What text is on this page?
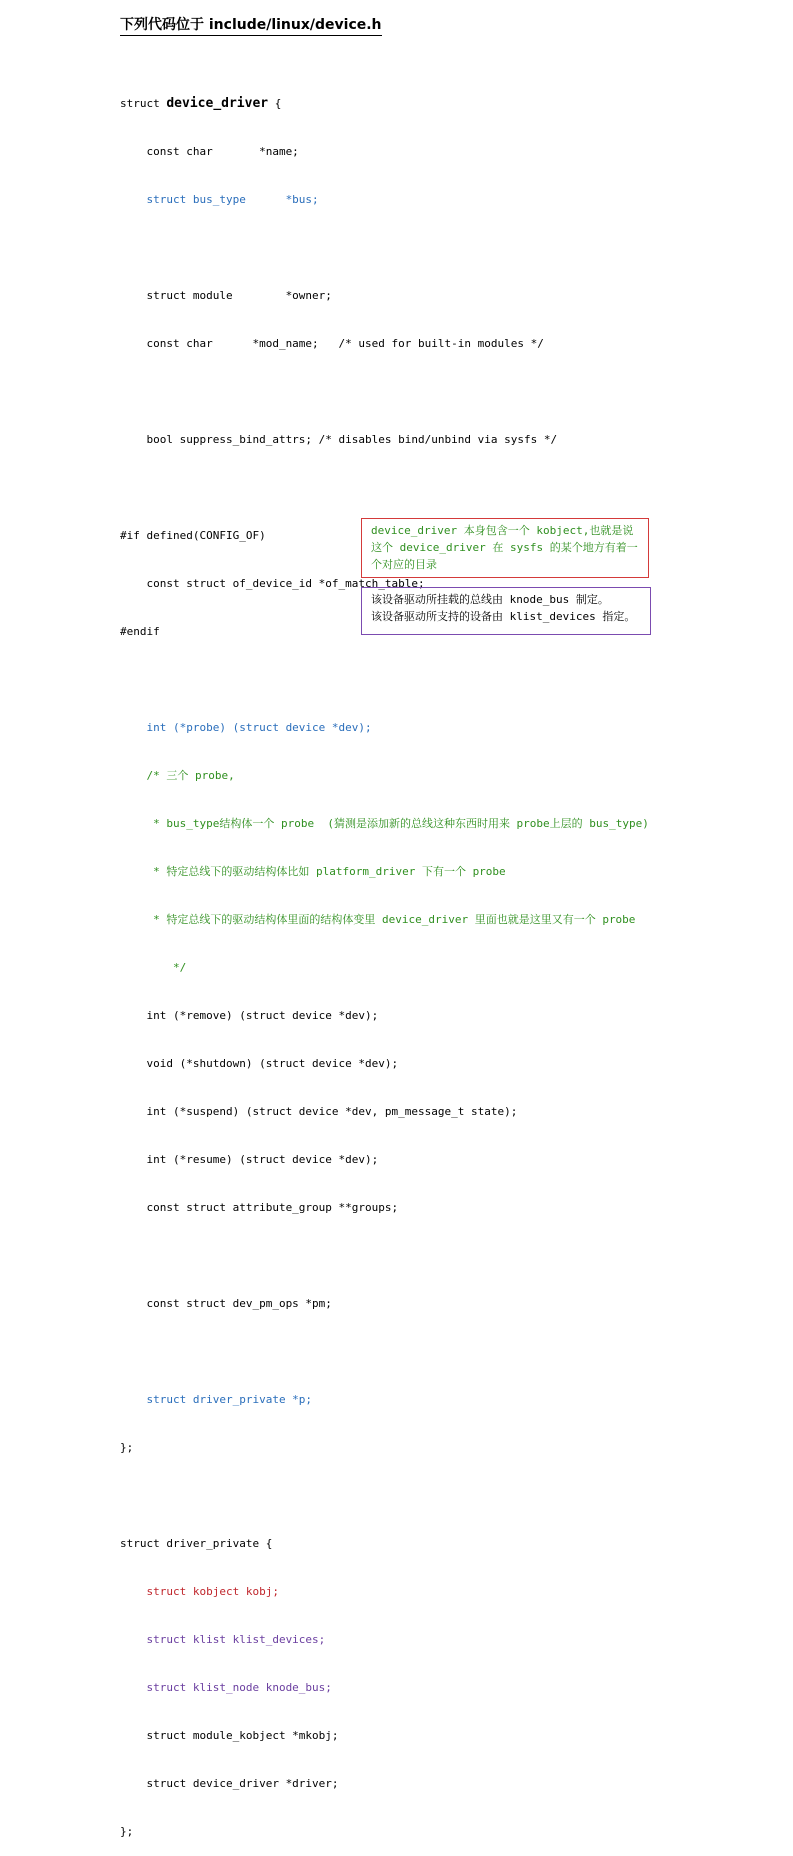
下列代码位于 include/linux/device.h

struct device_driver {

const char       *name;

struct bus_type      *bus;

struct module        *owner;

const char      *mod_name;   /* used for built-in modules */

bool suppress_bind_attrs; /* disables bind/unbind via sysfs */

#if defined(CONFIG_OF)

const struct of_device_id *of_match_table;

#endif

int (*probe) (struct device *dev);

/* 三个 probe,

* bus_type结构体一个 probe  (猜测是添加新的总线这种东西时用来 probe上层的 bus_type)

* 特定总线下的驱动结构体比如 platform_driver 下有一个 probe

* 特定总线下的驱动结构体里面的结构体变里 device_driver 里面也就是这里又有一个 probe

*/

int (*remove) (struct device *dev);

void (*shutdown) (struct device *dev);

int (*suspend) (struct device *dev, pm_message_t state);

int (*resume) (struct device *dev);

const struct attribute_group **groups;

const struct dev_pm_ops *pm;

struct driver_private *p;

};

struct driver_private {

struct kobject kobj;

struct klist klist_devices;

struct klist_node knode_bus;

struct module_kobject *mkobj;

struct device_driver *driver;

};

device_driver 本身包含一个 kobject,也就是说
这个 device_driver 在 sysfs 的某个地方有着一
个对应的目录
该设备驱动所挂载的总线由 knode_bus 制定。
该设备驱动所支持的设备由 klist_devices 指定。
